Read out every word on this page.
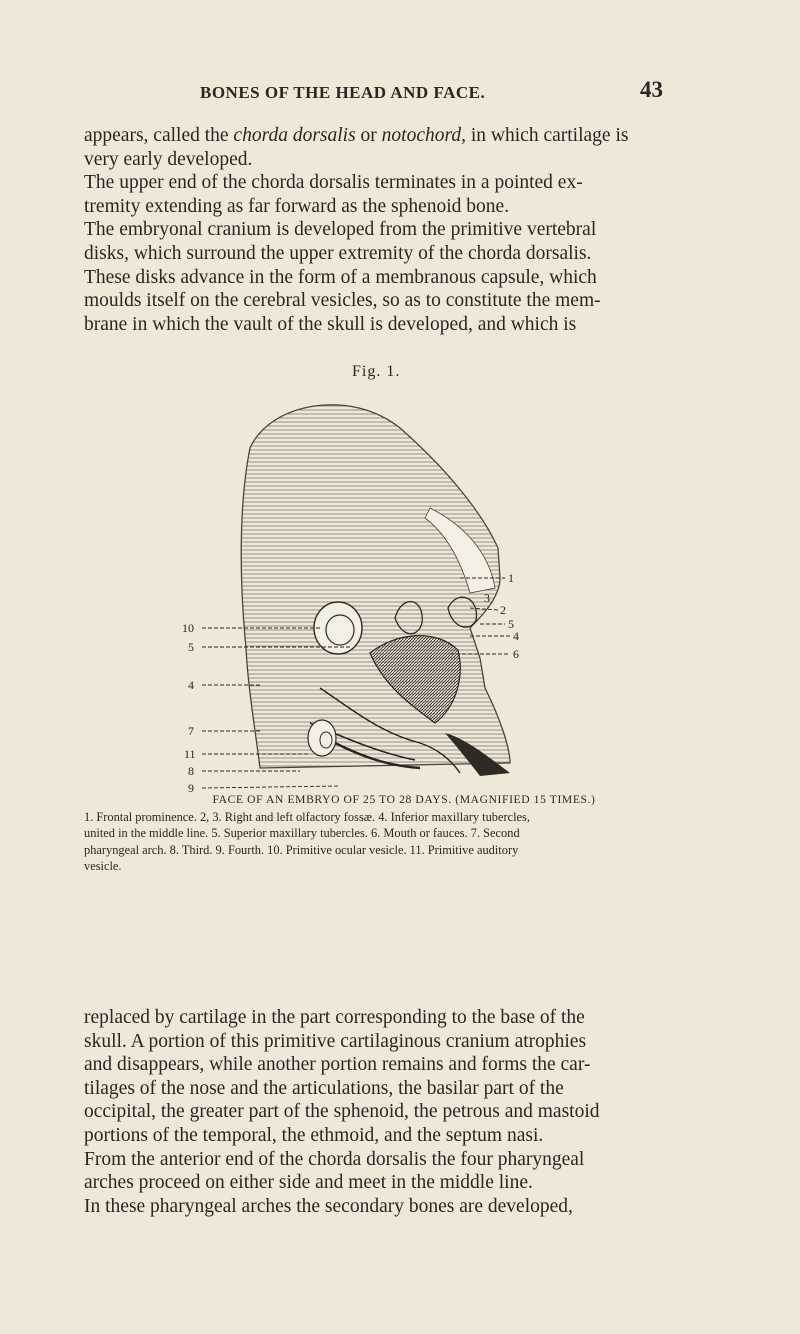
BONES OF THE HEAD AND FACE.	43
appears, called the chorda dorsalis or notochord, in which cartilage is
very early developed.
The upper end of the chorda dorsalis terminates in a pointed ex-
tremity extending as far forward as the sphenoid bone.
The embryonal cranium is developed from the primitive vertebral
disks, which surround the upper extremity of the chorda dorsalis.
These disks advance in the form of a membranous capsule, which
moulds itself on the cerebral vesicles, so as to constitute the mem-
brane in which the vault of the skull is developed, and which is
Fig. 1.
10
5
4
7
11
8
9
1
3
2
5
4
6
FACE OF AN EMBRYO OF 25 TO 28 DAYS. (MAGNIFIED 15 TIMES.)
1. Frontal prominence. 2, 3. Right and left olfactory fossæ. 4. Inferior maxillary tubercles,
united in the middle line. 5. Superior maxillary tubercles. 6. Mouth or fauces. 7. Second
pharyngeal arch. 8. Third. 9. Fourth. 10. Primitive ocular vesicle. 11. Primitive auditory
vesicle.
replaced by cartilage in the part corresponding to the base of the
skull. A portion of this primitive cartilaginous cranium atrophies
and disappears, while another portion remains and forms the car-
tilages of the nose and the articulations, the basilar part of the
occipital, the greater part of the sphenoid, the petrous and mastoid
portions of the temporal, the ethmoid, and the septum nasi.
From the anterior end of the chorda dorsalis the four pharyngeal
arches proceed on either side and meet in the middle line.
In these pharyngeal arches the secondary bones are developed,
